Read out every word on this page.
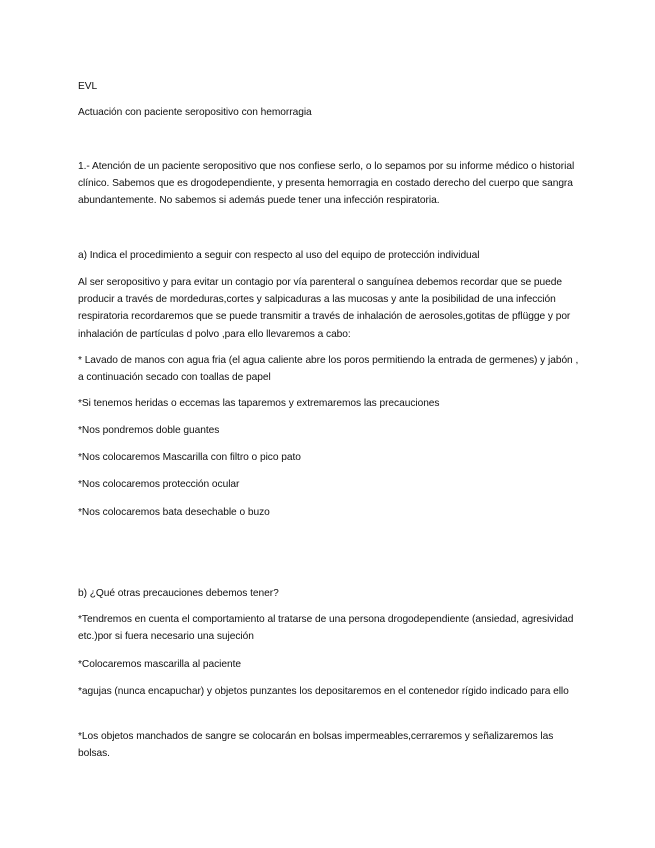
EVL
Actuación con paciente seropositivo con hemorragia
1.- Atención de un paciente seropositivo que nos confiese serlo, o lo sepamos por su informe médico o historial clínico. Sabemos que es drogodependiente, y presenta hemorragia en costado derecho del cuerpo que sangra abundantemente. No sabemos si además puede tener una infección respiratoria.
a) Indica el procedimiento a seguir con respecto al uso del equipo de protección individual
Al ser seropositivo y para evitar un contagio por vía parenteral o sanguínea debemos recordar que se puede producir a través de mordeduras,cortes y salpicaduras a las mucosas y ante la posibilidad de una infección respiratoria recordaremos que se puede transmitir a través de inhalación de aerosoles,gotitas de pflügge y por inhalación de partículas d polvo ,para ello llevaremos a cabo:
* Lavado de manos con agua fria (el agua caliente abre los poros permitiendo la entrada de germenes) y jabón , a continuación secado con toallas de papel
*Si tenemos heridas o eccemas las taparemos y extremaremos las precauciones
*Nos pondremos doble guantes
*Nos colocaremos Mascarilla con filtro o pico pato
*Nos colocaremos protección ocular
*Nos colocaremos bata desechable o buzo
b) ¿Qué otras precauciones debemos tener?
*Tendremos en cuenta el comportamiento al tratarse de una persona drogodependiente (ansiedad, agresividad etc.)por si fuera necesario una sujeción
*Colocaremos mascarilla al paciente
*agujas (nunca encapuchar) y objetos punzantes los depositaremos en el contenedor rígido indicado para ello
*Los objetos manchados de sangre se colocarán en bolsas impermeables,cerraremos y señalizaremos las bolsas.
